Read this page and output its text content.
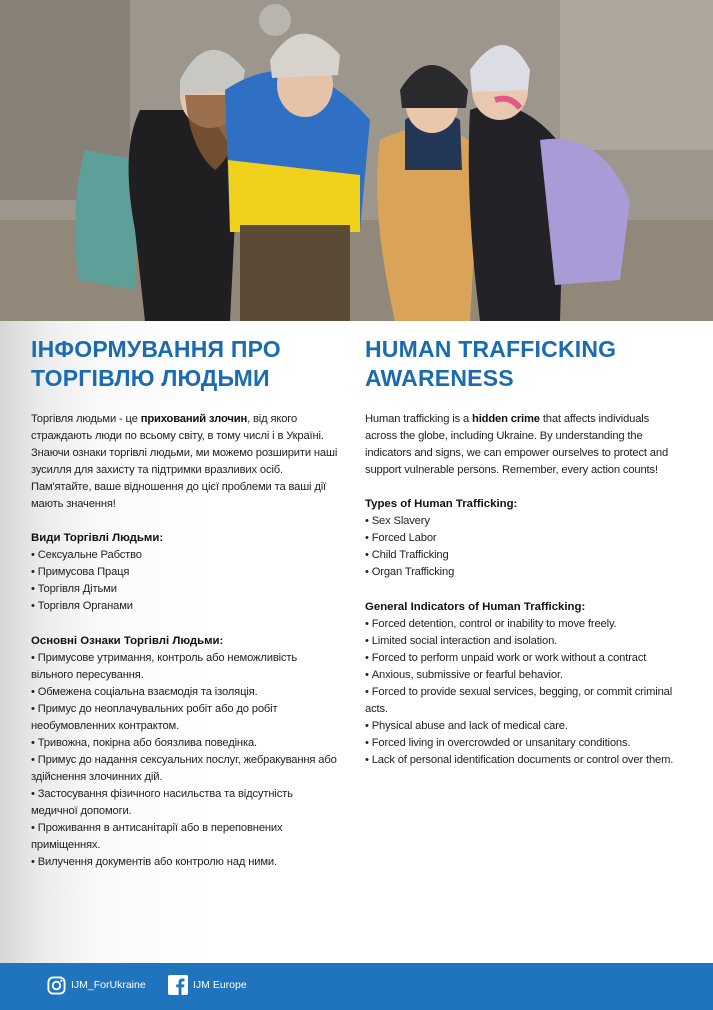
ІНФОРМУВАННЯ ПРО
ТОРГІВЛЮ ЛЮДЬМИ

Торгівля людьми - це прихований злочин, від якого страждають люди по всьому світу, в тому числі і в Україні. Знаючи ознаки торгівлі людьми, ми можемо розширити наші зусилля для захисту та підтримки вразливих осіб. Пам'ятайте, ваше відношення до цієї проблеми та ваші дії мають значення!

Види Торгівлі Людьми:
• Сексуальне Рабство
• Примусова Праця
• Торгівля Дітьми
• Торгівля Органами
Основні Ознаки Торгівлі Людьми:
• Примусове утримання, контроль або неможливість вільного пересування.
• Обмежена соціальна взаємодія та ізоляція.
• Примус до неоплачувальних робіт або до робіт необумовленних контрактом.
• Тривожна, покірна або боязлива поведінка.
• Примус до надання сексуальних послуг, жебракування або здійснення злочинних дій.
• Застосування фізичного насильства та відсутність медичної допомоги.
• Проживання в антисанітарії або в переповнених приміщеннях.
• Вилучення документів або контролю над ними.
HUMAN TRAFFICKING
AWARENESS

Human trafficking is a hidden crime that affects individuals across the globe, including Ukraine. By understanding the indicators and signs, we can empower ourselves to protect and support vulnerable persons. Remember, every action counts!

Types of Human Trafficking:
• Sex Slavery
• Forced Labor
• Child Trafficking
• Organ Trafficking
General Indicators of Human Trafficking:
• Forced detention, control or inability to move freely.
• Limited social interaction and isolation.
• Forced to perform unpaid work or work without a contract
• Anxious, submissive or fearful behavior.
• Forced to provide sexual services, begging, or commit criminal acts.
• Physical abuse and lack of medical care.
• Forced living in overcrowded or unsanitary conditions.
• Lack of personal identification documents or control over them.
IJM_ForUkraine	IJM Europe
